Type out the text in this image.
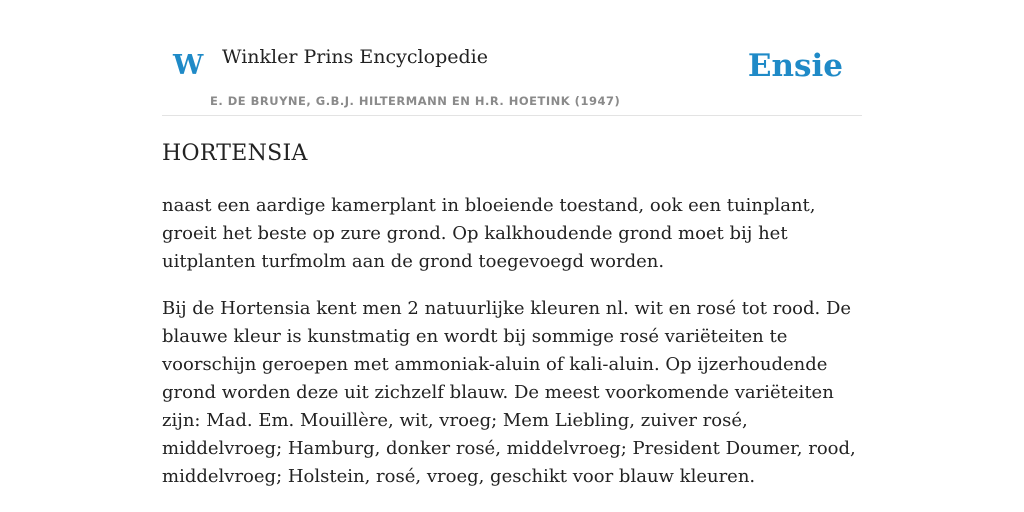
W Winkler Prins Encyclopedie
E. DE BRUYNE, G.B.J. HILTERMANN EN H.R. HOETINK (1947)
Ensie
HORTENSIA

naast een aardige kamerplant in bloeiende toestand, ook een tuinplant, groeit het beste op zure grond. Op kalkhoudende grond moet bij het uitplanten turfmolm aan de grond toegevoegd worden.

Bij de Hortensia kent men 2 natuurlijke kleuren nl. wit en rosé tot rood. De blauwe kleur is kunstmatig en wordt bij sommige rosé variëteiten te voorschijn geroepen met ammoniak-aluin of kali-aluin. Op ijzerhoudende grond worden deze uit zichzelf blauw. De meest voorkomende variëteiten zijn: Mad. Em. Mouillère, wit, vroeg; Mem Liebling, zuiver rosé, middelvroeg; Hamburg, donker rosé, middelvroeg; President Doumer, rood, middelvroeg; Holstein, rosé, vroeg, geschikt voor blauw kleuren.
